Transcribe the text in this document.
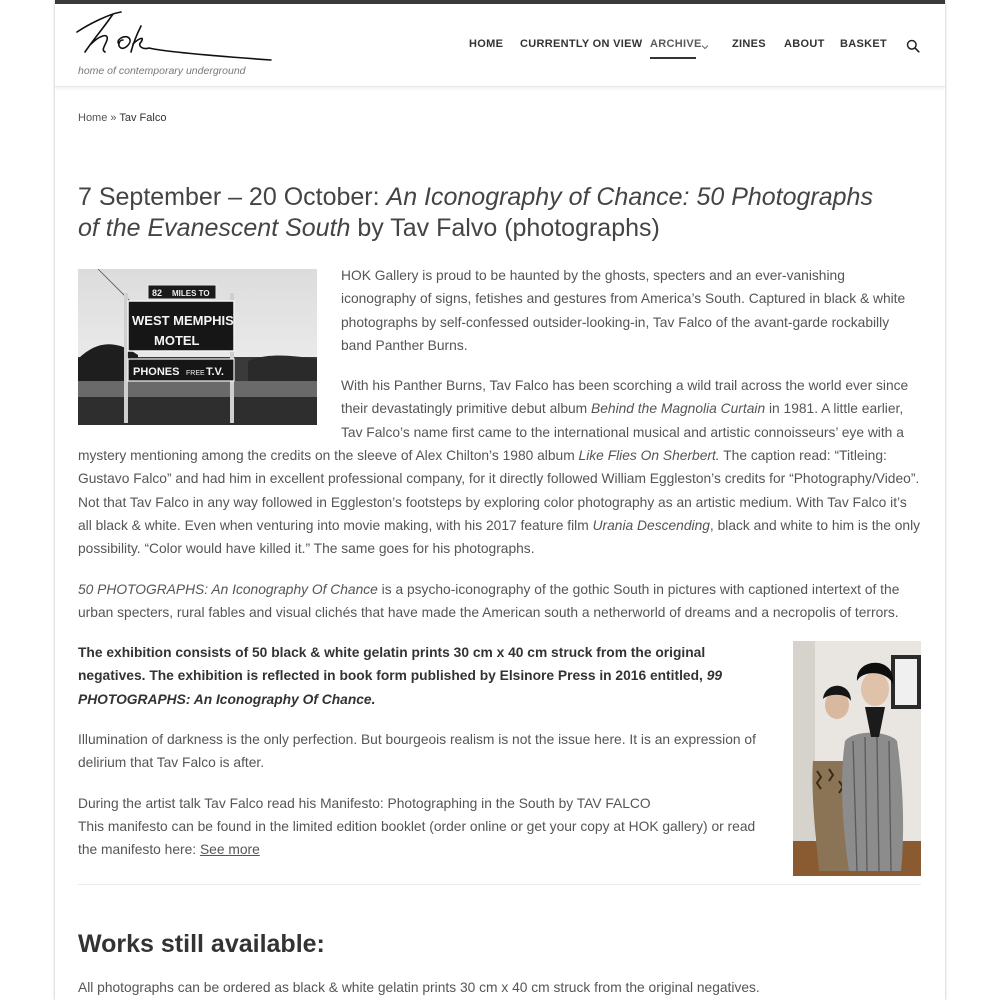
home of contemporary underground
HOME CURRENTLY ON VIEW ARCHIVE	ZINES ABOUT BASKET
Home » Tav Falco
7 September – 20 October: An Iconography of Chance: 50 Photographs of the Evanescent South by Tav Falvo (photographs)
82 MILES TO
WEST MEMPHIS
MOTEL
PHONES FREE T.V.

HOK Gallery is proud to be haunted by the ghosts, specters and an ever-vanishing iconography of signs, fetishes and gestures from America’s South. Captured in black & white photographs by self-confessed outsider-looking-in, Tav Falco of the avant-garde rockabilly band Panther Burns.

With his Panther Burns, Tav Falco has been scorching a wild trail across the world ever since their devastatingly primitive debut album Behind the Magnolia Curtain in 1981. A little earlier, Tav Falco’s name first came to the international musical and artistic connoisseurs’ eye with a mystery mentioning among the credits on the sleeve of Alex Chilton’s 1980 album Like Flies On Sherbert. The caption read: “Titleing: Gustavo Falco” and had him in excellent professional company, for it directly followed William Eggleston’s credits for “Photography/Video”. Not that Tav Falco in any way followed in Eggleston’s footsteps by exploring color photography as an artistic medium. With Tav Falco it’s all black & white. Even when venturing into movie making, with his 2017 feature film Urania Descending, black and white to him is the only possibility. “Color would have killed it.” The same goes for his photographs.

50 PHOTOGRAPHS: An Iconography Of Chance is a psycho-iconography of the gothic South in pictures with captioned intertext of the urban specters, rural fables and visual clichés that have made the American south a netherworld of dreams and a necropolis of terrors.

The exhibition consists of 50 black & white gelatin prints 30 cm x 40 cm struck from the original negatives. The exhibition is reflected in book form published by Elsinore Press in 2016 entitled, 99 PHOTOGRAPHS: An Iconography Of Chance.

Illumination of darkness is the only perfection. But bourgeois realism is not the issue here. It is an expression of delirium that Tav Falco is after.

During the artist talk Tav Falco read his Manifesto: Photographing in the South by TAV FALCO
This manifesto can be found in the limited edition booklet (order online or get your copy at HOK gallery) or read the manifesto here: See more

Works still available:
All photographs can be ordered as black & white gelatin prints 30 cm x 40 cm struck from the original negatives.
